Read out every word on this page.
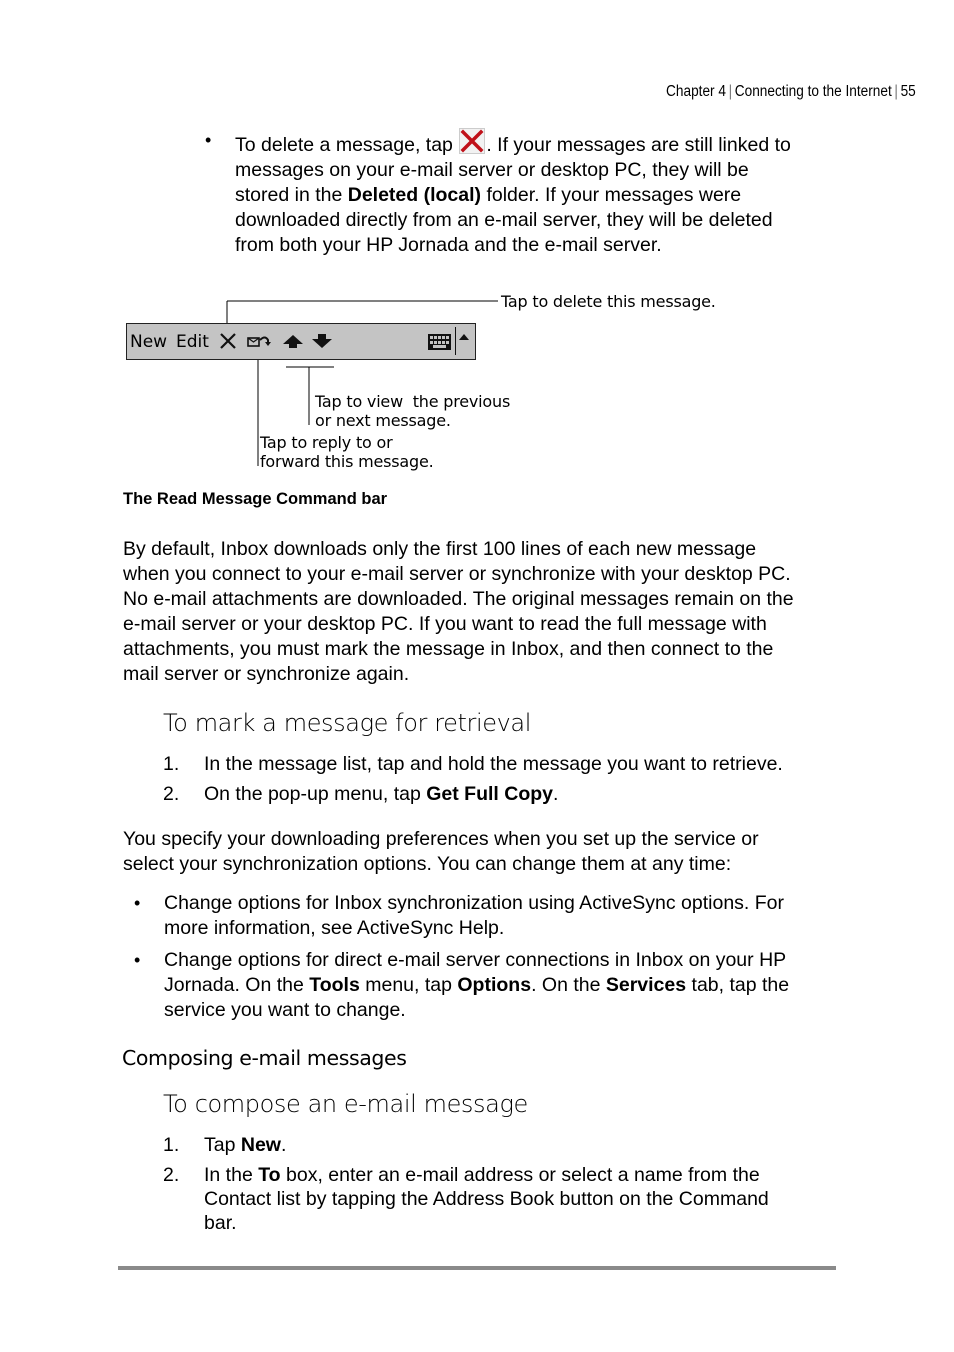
Chapter 4 | Connecting to the Internet | 55
• To delete a message, tap
. If your messages are still linked to
messages on your e-mail server or desktop PC, they will be
stored in the Deleted (local) folder. If your messages were
downloaded directly from an e-mail server, they will be deleted
from both your HP Jornada and the e-mail server.
New Edit
Tap to delete this message.
Tap to view  the previous
or next message.
Tap to reply to or
forward this message.
The Read Message Command bar
By default, Inbox downloads only the first 100 lines of each new message
when you connect to your e-mail server or synchronize with your desktop PC.
No e-mail attachments are downloaded. The original messages remain on the
e-mail server or your desktop PC. If you want to read the full message with
attachments, you must mark the message in Inbox, and then connect to the
mail server or synchronize again.
To mark a message for retrieval
1. In the message list, tap and hold the message you want to retrieve.
2. On the pop-up menu, tap Get Full Copy.
You specify your downloading preferences when you set up the service or
select your synchronization options. You can change them at any time:
• Change options for Inbox synchronization using ActiveSync options. For
more information, see ActiveSync Help.
• Change options for direct e-mail server connections in Inbox on your HP
Jornada. On the Tools menu, tap Options. On the Services tab, tap the
service you want to change.
Composing e-mail messages
To compose an e-mail message
1. Tap New.
2. In the To box, enter an e-mail address or select a name from the
Contact list by tapping the Address Book button on the Command
bar.
